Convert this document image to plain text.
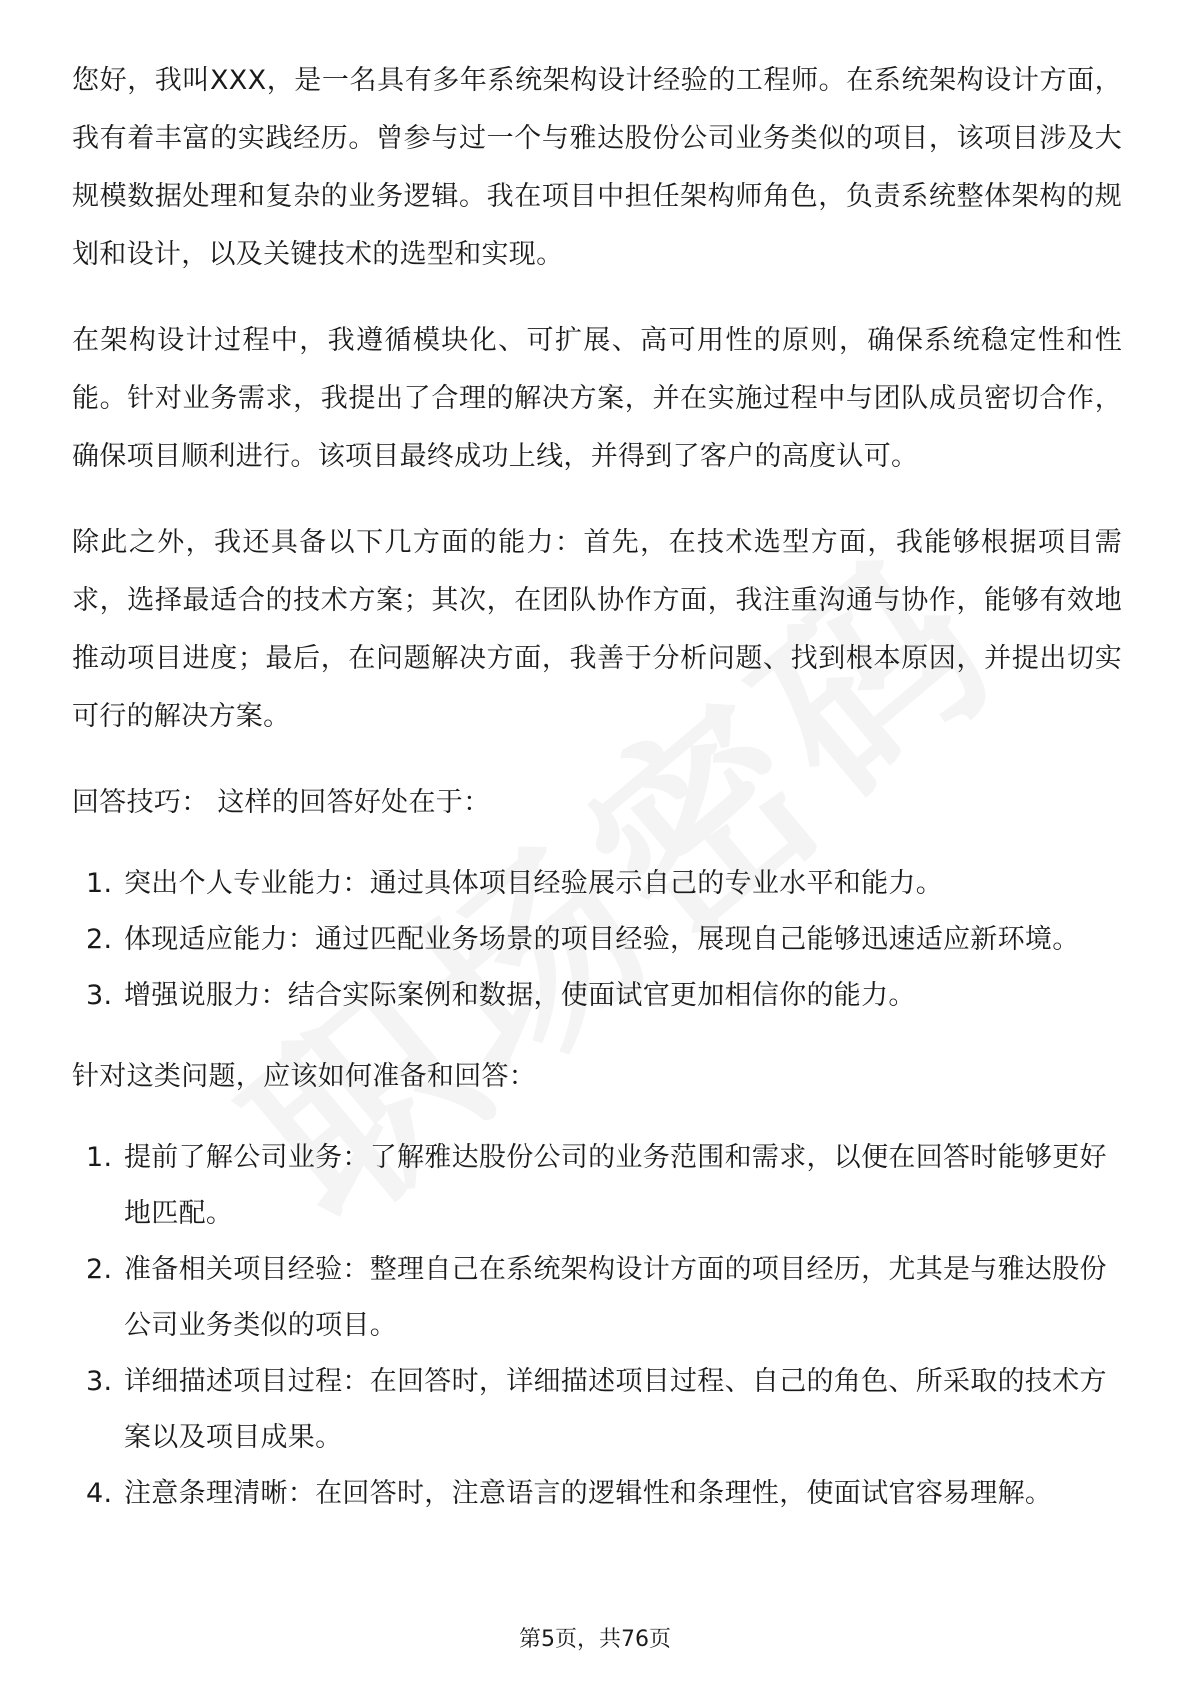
您好，我叫XXX，是一名具有多年系统架构设计经验的工程师。在系统架构设计方面，我有着丰富的实践经历。曾参与过一个与雅达股份公司业务类似的项目，该项目涉及大规模数据处理和复杂的业务逻辑。我在项目中担任架构师角色，负责系统整体架构的规划和设计，以及关键技术的选型和实现。

在架构设计过程中，我遵循模块化、可扩展、高可用性的原则，确保系统稳定性和性能。针对业务需求，我提出了合理的解决方案，并在实施过程中与团队成员密切合作，确保项目顺利进行。该项目最终成功上线，并得到了客户的高度认可。

除此之外，我还具备以下几方面的能力：首先，在技术选型方面，我能够根据项目需求，选择最适合的技术方案；其次，在团队协作方面，我注重沟通与协作，能够有效地推动项目进度；最后，在问题解决方面，我善于分析问题、找到根本原因，并提出切实可行的解决方案。

回答技巧： 这样的回答好处在于：

1. 突出个人专业能力：通过具体项目经验展示自己的专业水平和能力。
2. 体现适应能力：通过匹配业务场景的项目经验，展现自己能够迅速适应新环境。
3. 增强说服力：结合实际案例和数据，使面试官更加相信你的能力。

针对这类问题，应该如何准备和回答：

1. 提前了解公司业务：了解雅达股份公司的业务范围和需求，以便在回答时能够更好地匹配。
2. 准备相关项目经验：整理自己在系统架构设计方面的项目经历，尤其是与雅达股份公司业务类似的项目。
3. 详细描述项目过程：在回答时，详细描述项目过程、自己的角色、所采取的技术方案以及项目成果。
4. 注意条理清晰：在回答时，注意语言的逻辑性和条理性，使面试官容易理解。
第5页，共76页
